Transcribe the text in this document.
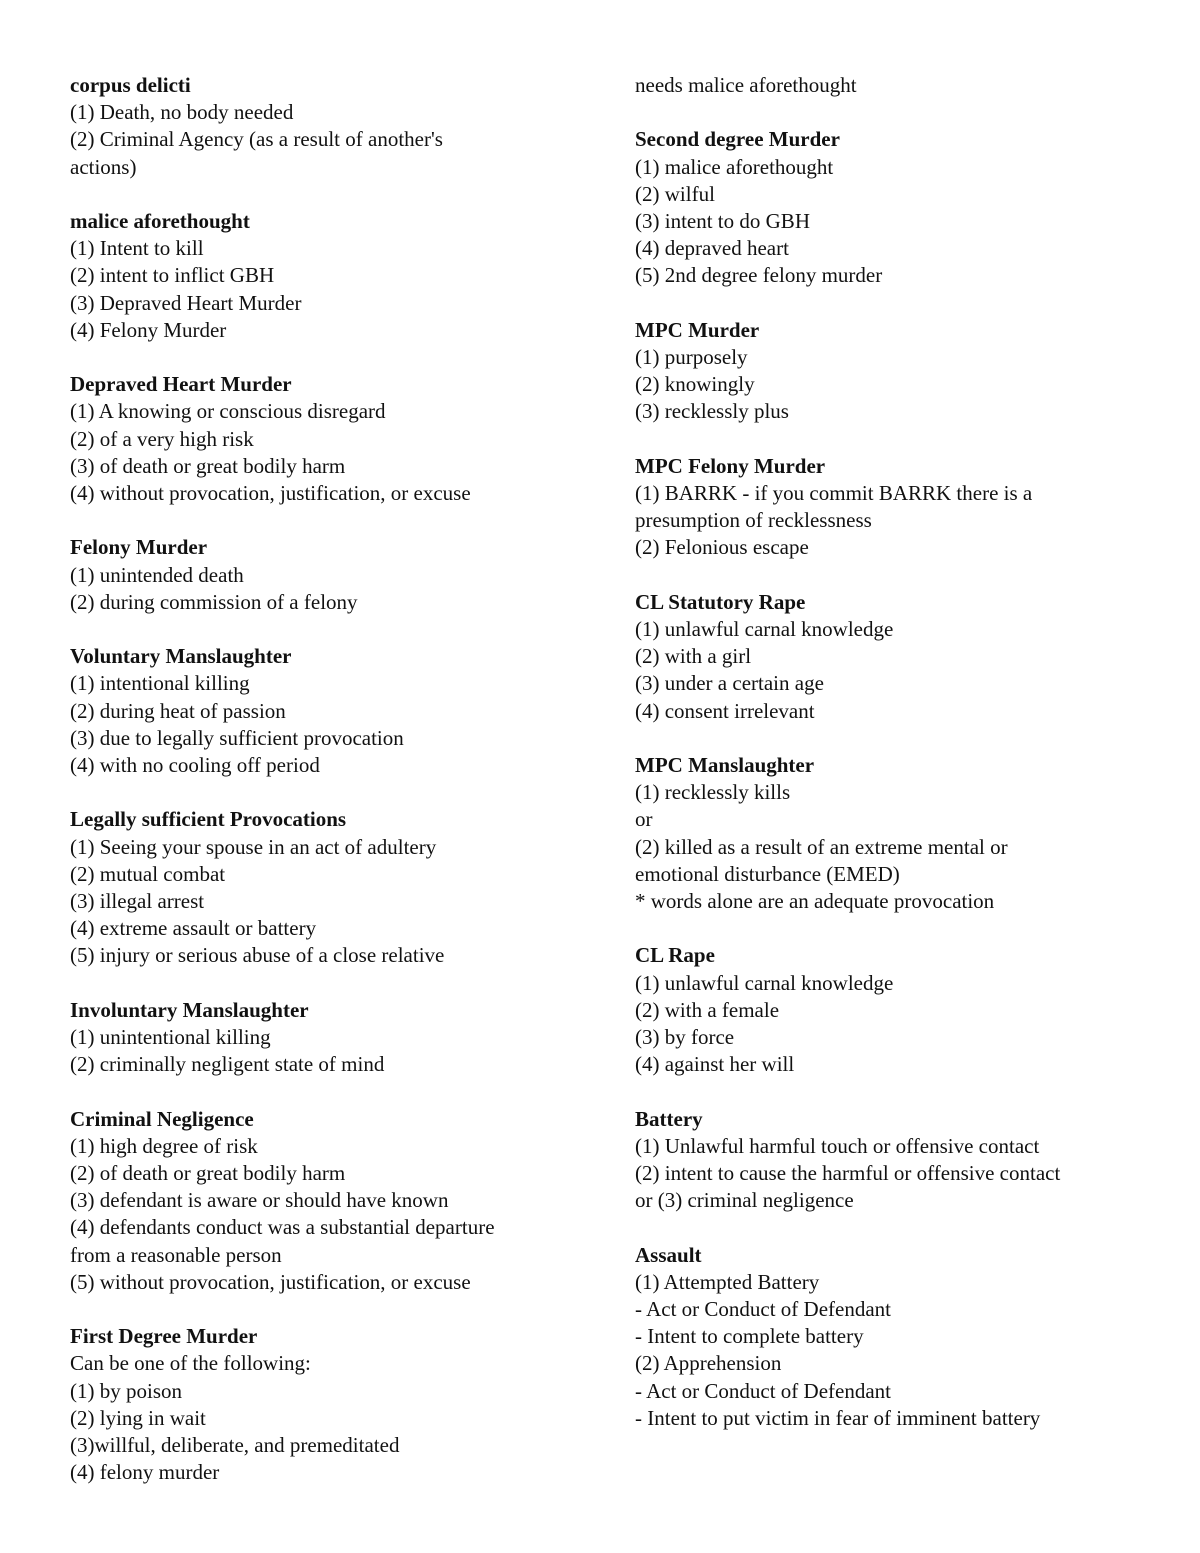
corpus delicti
(1) Death, no body needed
(2) Criminal Agency (as a result of another's
actions)
malice aforethought
(1) Intent to kill
(2) intent to inflict GBH
(3) Depraved Heart Murder
(4) Felony Murder
Depraved Heart Murder
(1) A knowing or conscious disregard
(2) of a very high risk
(3) of death or great bodily harm
(4) without provocation, justification, or excuse
Felony Murder
(1) unintended death
(2) during commission of a felony
Voluntary Manslaughter
(1) intentional killing
(2) during heat of passion
(3) due to legally sufficient provocation
(4) with no cooling off period
Legally sufficient Provocations
(1) Seeing your spouse in an act of adultery
(2) mutual combat
(3) illegal arrest
(4) extreme assault or battery
(5) injury or serious abuse of a close relative
Involuntary Manslaughter
(1) unintentional killing
(2) criminally negligent state of mind
Criminal Negligence
(1) high degree of risk
(2) of death or great bodily harm
(3) defendant is aware or should have known
(4) defendants conduct was a substantial departure
from a reasonable person
(5) without provocation, justification, or excuse
First Degree Murder
Can be one of the following:
(1) by poison
(2) lying in wait
(3)willful, deliberate, and premeditated
(4) felony murder
needs malice aforethought
Second degree Murder
(1) malice aforethought
(2) wilful
(3) intent to do GBH
(4) depraved heart
(5) 2nd degree felony murder
MPC Murder
(1) purposely
(2) knowingly
(3) recklessly plus
MPC Felony Murder
(1) BARRK - if you commit BARRK there is a
presumption of recklessness
(2) Felonious escape
CL Statutory Rape
(1) unlawful carnal knowledge
(2) with a girl
(3) under a certain age
(4) consent irrelevant
MPC Manslaughter
(1) recklessly kills
or
(2) killed as a result of an extreme mental or
emotional disturbance (EMED)
* words alone are an adequate provocation
CL Rape
(1) unlawful carnal knowledge
(2) with a female
(3) by force
(4) against her will
Battery
(1) Unlawful harmful touch or offensive contact
(2) intent to cause the harmful or offensive contact
or (3) criminal negligence
Assault
(1) Attempted Battery
- Act or Conduct of Defendant
- Intent to complete battery
(2) Apprehension
- Act or Conduct of Defendant
- Intent to put victim in fear of imminent battery
